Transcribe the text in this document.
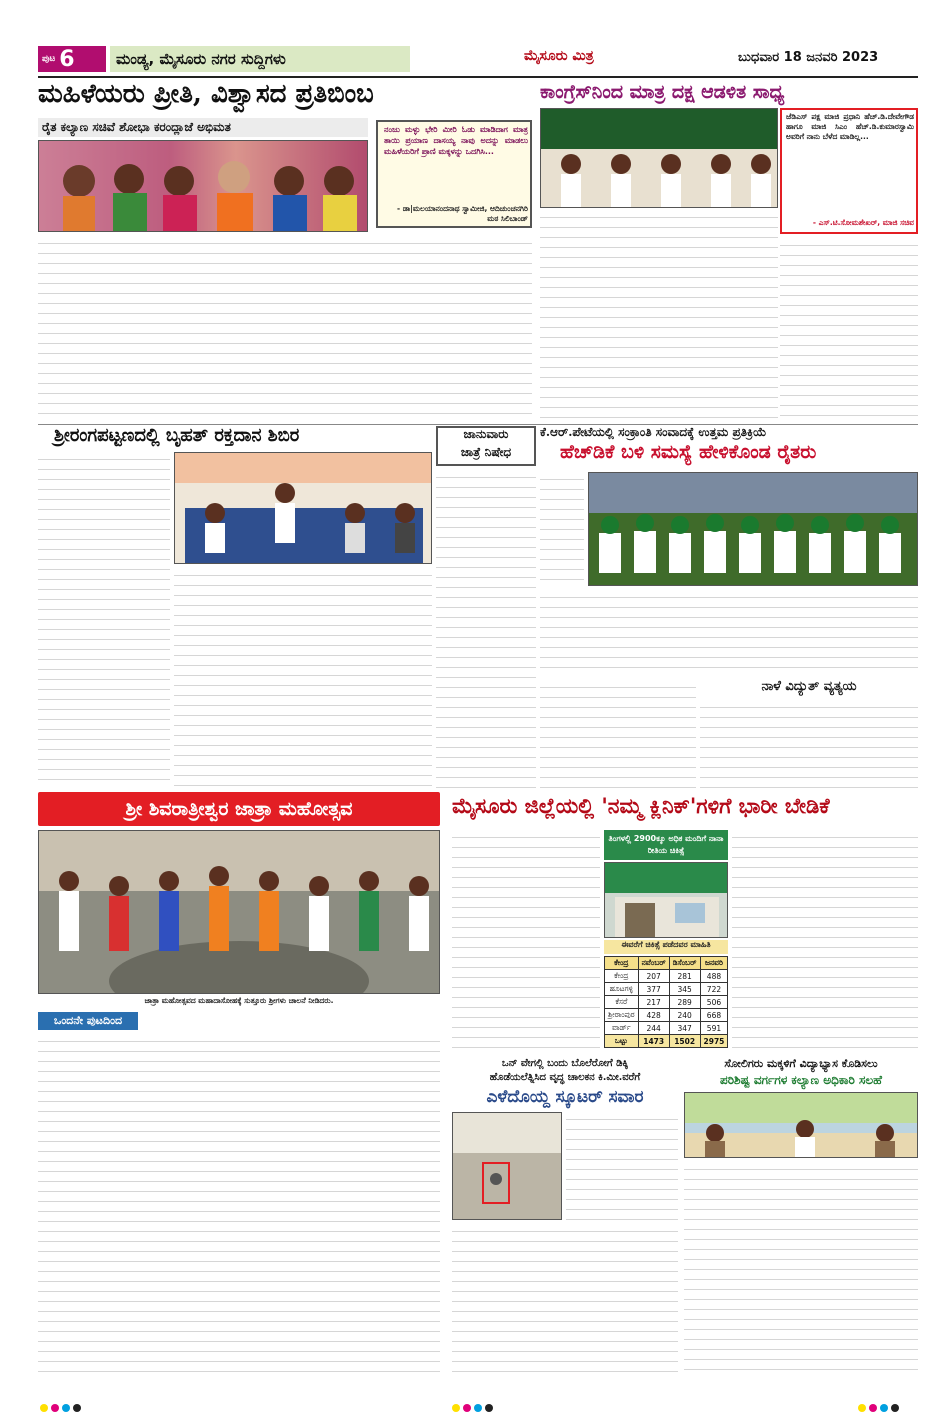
ಪುಟ 6	ಮಂಡ್ಯ, ಮೈಸೂರು ನಗರ ಸುದ್ದಿಗಳು	ಮೈಸೂರು ಮಿತ್ರ	ಬುಧವಾರ 18 ಜನವರಿ 2023
ಮಹಿಳೆಯರು ಪ್ರೀತಿ, ವಿಶ್ವಾಸದ ಪ್ರತಿಬಿಂಬ
ರೈತ ಕಲ್ಯಾಣ ಸಚಿವೆ ಶೋಭಾ ಕರಂದ್ಲಾಜೆ ಅಭಿಮತ	ನಂಜು ಮಳ್ಳು ಭೇರಿ ಮೀರಿ ಓಡು ಮಾಡಿದಾಗ ಮಾತ್ರ ತಾಯಿ ಪ್ರಯಾಣ ದಾಸಯ್ಯ ನಾವು ಅದನ್ನು ಮಾಡಲು ಮಹಿಳೆಯರಿಗೆ ಪ್ರಾಣಿ ಮಕ್ಕಳನ್ನು ಒದಗಿಸಿ...
- ಡಾ|ಮಲಯಾನಂದನಾಥ ಸ್ವಾಮೀಜಿ, ಆದಿಚುಂಚನಗಿರಿ ಮಠ ಸಿಲಿಬಾಂಡ್
ಕಾಂಗ್ರೆಸ್‌ನಿಂದ ಮಾತ್ರ ದಕ್ಷ ಆಡಳಿತ ಸಾಧ್ಯ
ಜೆಡಿಎಸ್ ಪಕ್ಷ ಮಾಜಿ ಪ್ರಧಾನಿ ಹೆಚ್.ಡಿ.ದೇವೇಗೌಡ ಹಾಗೂ ಮಾಜಿ ಸಿಎಂ ಹೆಚ್.ಡಿ.ಕುಮಾರಸ್ವಾಮಿ ಅವರಿಗೆ ನಾನು ಬೆಳೆದ ಮಾಡಿಲ್ಲ...
- ಎಸ್.ಟಿ.ಸೋಮಶೇಖರ್, ಮಾಜಿ ಸಚಿವ
ಶ್ರೀರಂಗಪಟ್ಟಣದಲ್ಲಿ ಬೃಹತ್ ರಕ್ತದಾನ ಶಿಬಿರ	ಜಾನುವಾರು
ಜಾತ್ರೆ ನಿಷೇಧ
ಕೆ.ಆರ್.ಪೇಟೆಯಲ್ಲಿ ಸಂಕ್ರಾಂತಿ ಸಂವಾದಕ್ಕೆ ಉತ್ತಮ ಪ್ರತಿಕ್ರಿಯೆ
ಹೆಚ್‌ಡಿಕೆ ಬಳಿ ಸಮಸ್ಯೆ ಹೇಳಿಕೊಂಡ ರೈತರು
ನಾಳೆ ವಿದ್ಯುತ್ ವ್ಯತ್ಯಯ
ಶ್ರೀ ಶಿವರಾತ್ರೀಶ್ವರ ಜಾತ್ರಾ ಮಹೋತ್ಸವ
ಜಾತ್ರಾ ಮಹೋತ್ಸವದ ಮಹಾದಾಸೋಹಕ್ಕೆ ಸುತ್ತೂರು ಶ್ರೀಗಳು ಚಾಲನೆ ನೀಡಿದರು.
ಮೈಸೂರು ಜಿಲ್ಲೆಯಲ್ಲಿ 'ನಮ್ಮ ಕ್ಲಿನಿಕ್'ಗಳಿಗೆ ಭಾರೀ ಬೇಡಿಕೆ
ತಿಂಗಳಲ್ಲಿ 2900ಕ್ಕೂ ಅಧಿಕ ಮಂದಿಗೆ ನಾನಾ ರೀತಿಯ ಚಿಕಿತ್ಸೆ
ಈವರೆಗೆ ಚಿಕಿತ್ಸೆ ಪಡೆದವರ ಮಾಹಿತಿ
ಕೇಂದ್ರ	ನವೆಂಬರ್	ಡಿಸೆಂಬರ್	ಜನವರಿ
ಕೇಂದ್ರ	207	281	488
ಹೂಟಗಳ್ಳಿ	377	345	722
ಕೆಸರೆ	217	289	506
ಶ್ರೀರಾಂಪುರ	428	240	668
ವಾರ್ಡ್	244	347	591
ಒಟ್ಟು	1473	1502	2975
ಒಂದನೇ ಪುಟದಿಂದ
ಒನ್ ವೇಗಲ್ಲಿ ಬಂದು ಬೊಲೆರೋಗೆ ಡಿಕ್ಕಿ
ಹೊಡೆಯಲೆತ್ನಿಸಿದ ವೃದ್ಧ ಚಾಲಕನ ಕಿ.ಮೀ.ವರೆಗೆ
ಎಳೆದೊಯ್ದ ಸ್ಕೂಟರ್ ಸವಾರ
ಸೋಲಿಗರು ಮಕ್ಕಳಿಗೆ ವಿದ್ಯಾಭ್ಯಾಸ ಕೊಡಿಸಲು
ಪರಿಶಿಷ್ಟ ವರ್ಗಗಳ ಕಲ್ಯಾಣ ಅಧಿಕಾರಿ ಸಲಹೆ
